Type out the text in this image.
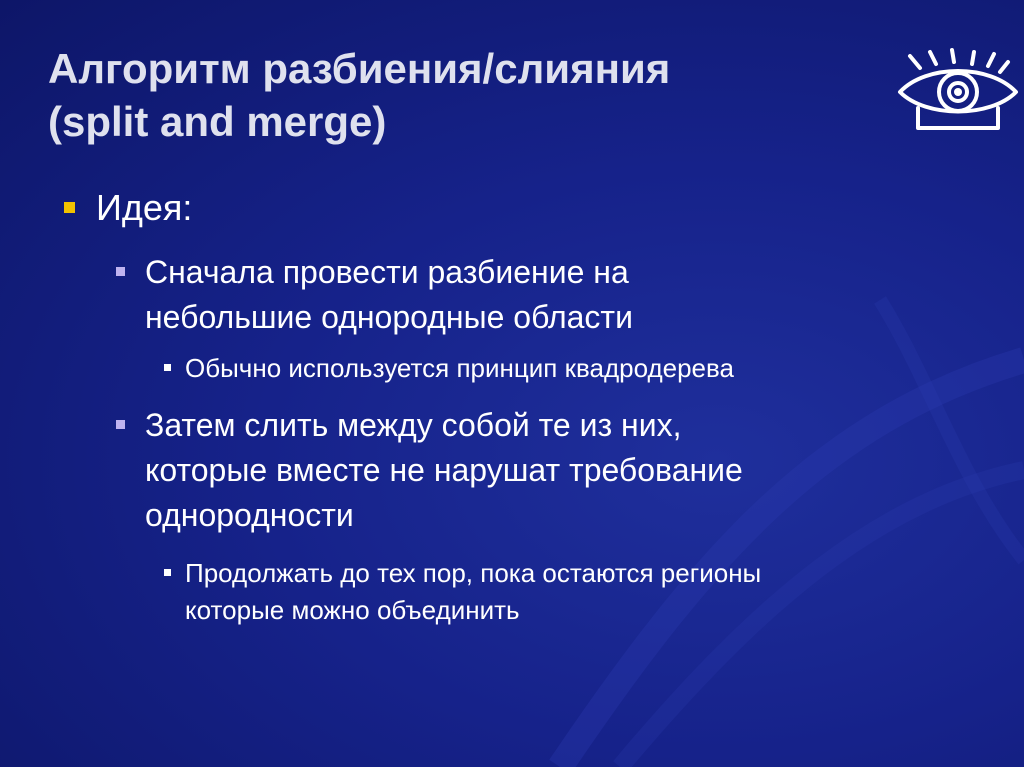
Алгоритм разбиения/слияния
(split and merge)
Идея:
Сначала провести разбиение на
небольшие однородные области
Обычно используется принцип квадродерева
Затем слить между собой те из них,
которые вместе не нарушат требование
однородности
Продолжать до тех пор, пока остаются регионы
которые можно объединить
